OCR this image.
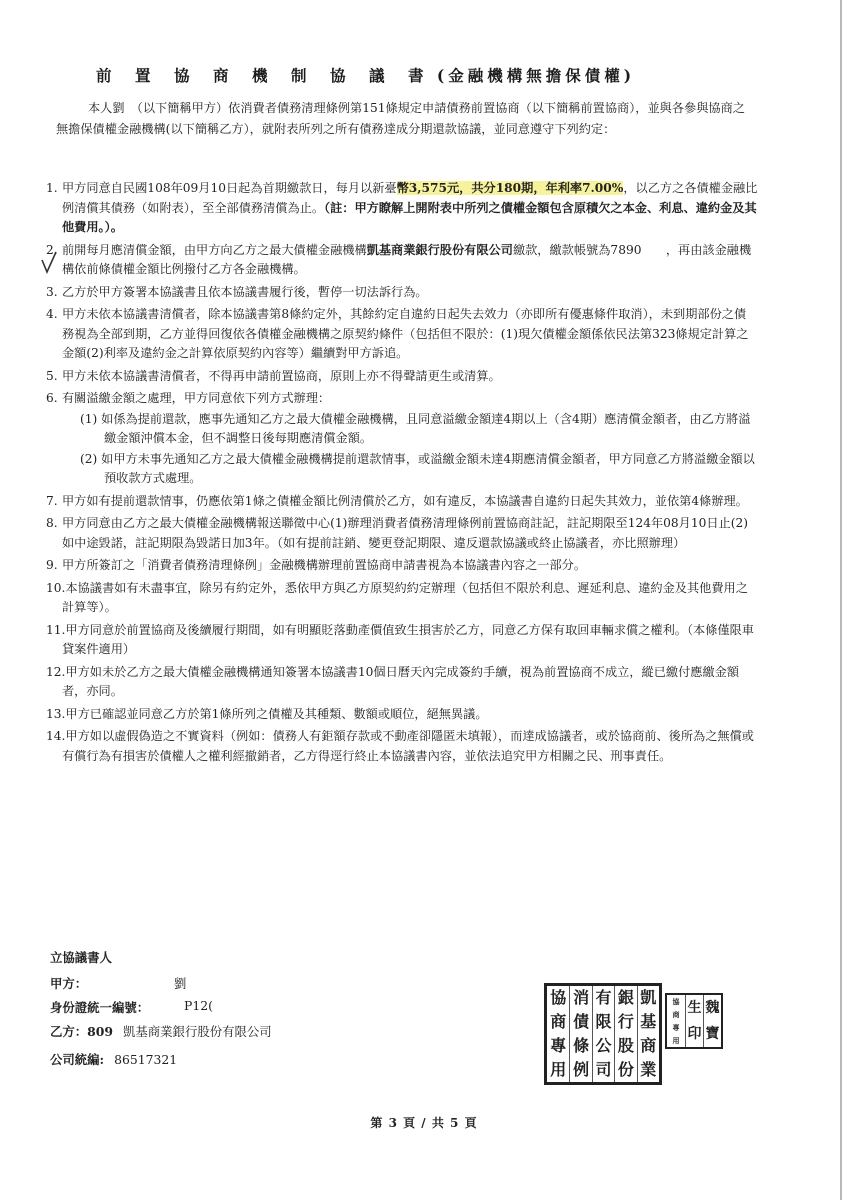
前　置　協　商　機　制　協　議　書 (金融機構無擔保債權)
本人劉　（以下簡稱甲方）依消費者債務清理條例第151條規定申請債務前置協商（以下簡稱前置協商），並與各參與協商之無擔保債權金融機構(以下簡稱乙方），就附表所列之所有債務達成分期還款協議，並同意遵守下列約定：
1. 甲方同意自民國108年09月10日起為首期繳款日，每月以新臺幣3,575元，共分180期，年利率7.00%，以乙方之各債權金融比例清償其債務（如附表），至全部債務清償為止。（註：甲方瞭解上開附表中所列之債權金額包含原積欠之本金、利息、違約金及其他費用。）。
2. 前開每月應清償金額，由甲方向乙方之最大債權金融機構凱基商業銀行股份有限公司繳款，繳款帳號為7890　　，再由該金融機構依前條債權金額比例撥付乙方各金融機構。
3. 乙方於甲方簽署本協議書且依本協議書履行後，暫停一切法訴行為。
4. 甲方未依本協議書清償者，除本協議書第8條約定外，其餘約定自違約日起失去效力（亦即所有優惠條件取消），未到期部份之債務視為全部到期，乙方並得回復依各債權金融機構之原契約條件（包括但不限於：(1)現欠債權金額係依民法第323條規定計算之金額(2)利率及違約金之計算依原契約內容等）繼續對甲方訴追。
5. 甲方未依本協議書清償者，不得再申請前置協商，原則上亦不得聲請更生或清算。
6. 有關溢繳金額之處理，甲方同意依下列方式辦理：
(1) 如係為提前還款，應事先通知乙方之最大債權金融機構，且同意溢繳金額達4期以上（含4期）應清償金額者，由乙方將溢繳金額沖償本金，但不調整日後每期應清償金額。
(2) 如甲方未事先通知乙方之最大債權金融機構提前還款情事，或溢繳金額未達4期應清償金額者，甲方同意乙方將溢繳金額以預收款方式處理。
7. 甲方如有提前還款情事，仍應依第1條之債權金額比例清償於乙方，如有違反，本協議書自違約日起失其效力，並依第4條辦理。
8. 甲方同意由乙方之最大債權金融機構報送聯徵中心(1)辦理消費者債務清理條例前置協商註記，註記期限至124年08月10日止(2)如中途毀諾，註記期限為毀諾日加3年。（如有提前註銷、變更登記期限、違反還款協議或終止協議者，亦比照辦理）
9. 甲方所簽訂之「消費者債務清理條例」金融機構辦理前置協商申請書視為本協議書內容之一部分。
10.本協議書如有未盡事宜，除另有約定外，悉依甲方與乙方原契約約定辦理（包括但不限於利息、遲延利息、違約金及其他費用之計算等）。
11.甲方同意於前置協商及後續履行期間，如有明顯貶落動產價值致生損害於乙方，同意乙方保有取回車輛求償之權利。（本條僅限車貸案件適用）
12.甲方如未於乙方之最大債權金融機構通知簽署本協議書10個日曆天內完成簽約手續，視為前置協商不成立，縱已繳付應繳金額者，亦同。
13.甲方已確認並同意乙方於第1條所列之債權及其種類、數額或順位，絕無異議。
14.甲方如以虛假偽造之不實資料（例如：債務人有鉅額存款或不動產卻隱匿未填報），而達成協議者，或於協商前、後所為之無償或有償行為有損害於債權人之權利經撤銷者，乙方得逕行終止本協議書內容，並依法追究甲方相關之民、刑事責任。
立協議書人
甲方：	劉
身份證統一編號：	P12(
乙方：809 凱基商業銀行股份有限公司
公司統編: 86517321
協
商
專
用
消
債
條
例
有
限
公
司
銀
行
股
份
凱
基
商
業
協
商
專
用
生
印
魏
寶
第 3 頁 / 共 5 頁
